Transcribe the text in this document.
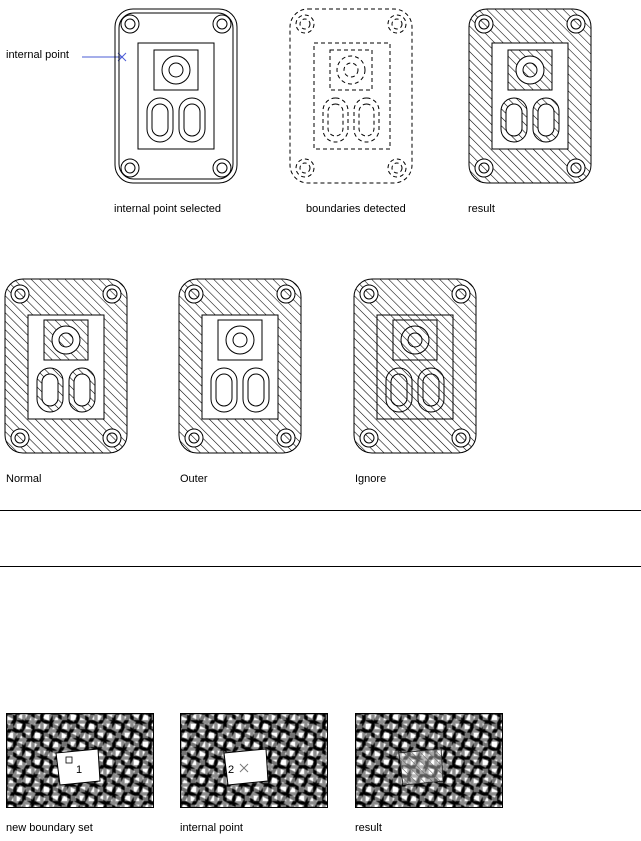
internal point
internal point selected	boundaries detected	result
Normal	Outer	Ignore
1
new boundary set
2
internal point	result
